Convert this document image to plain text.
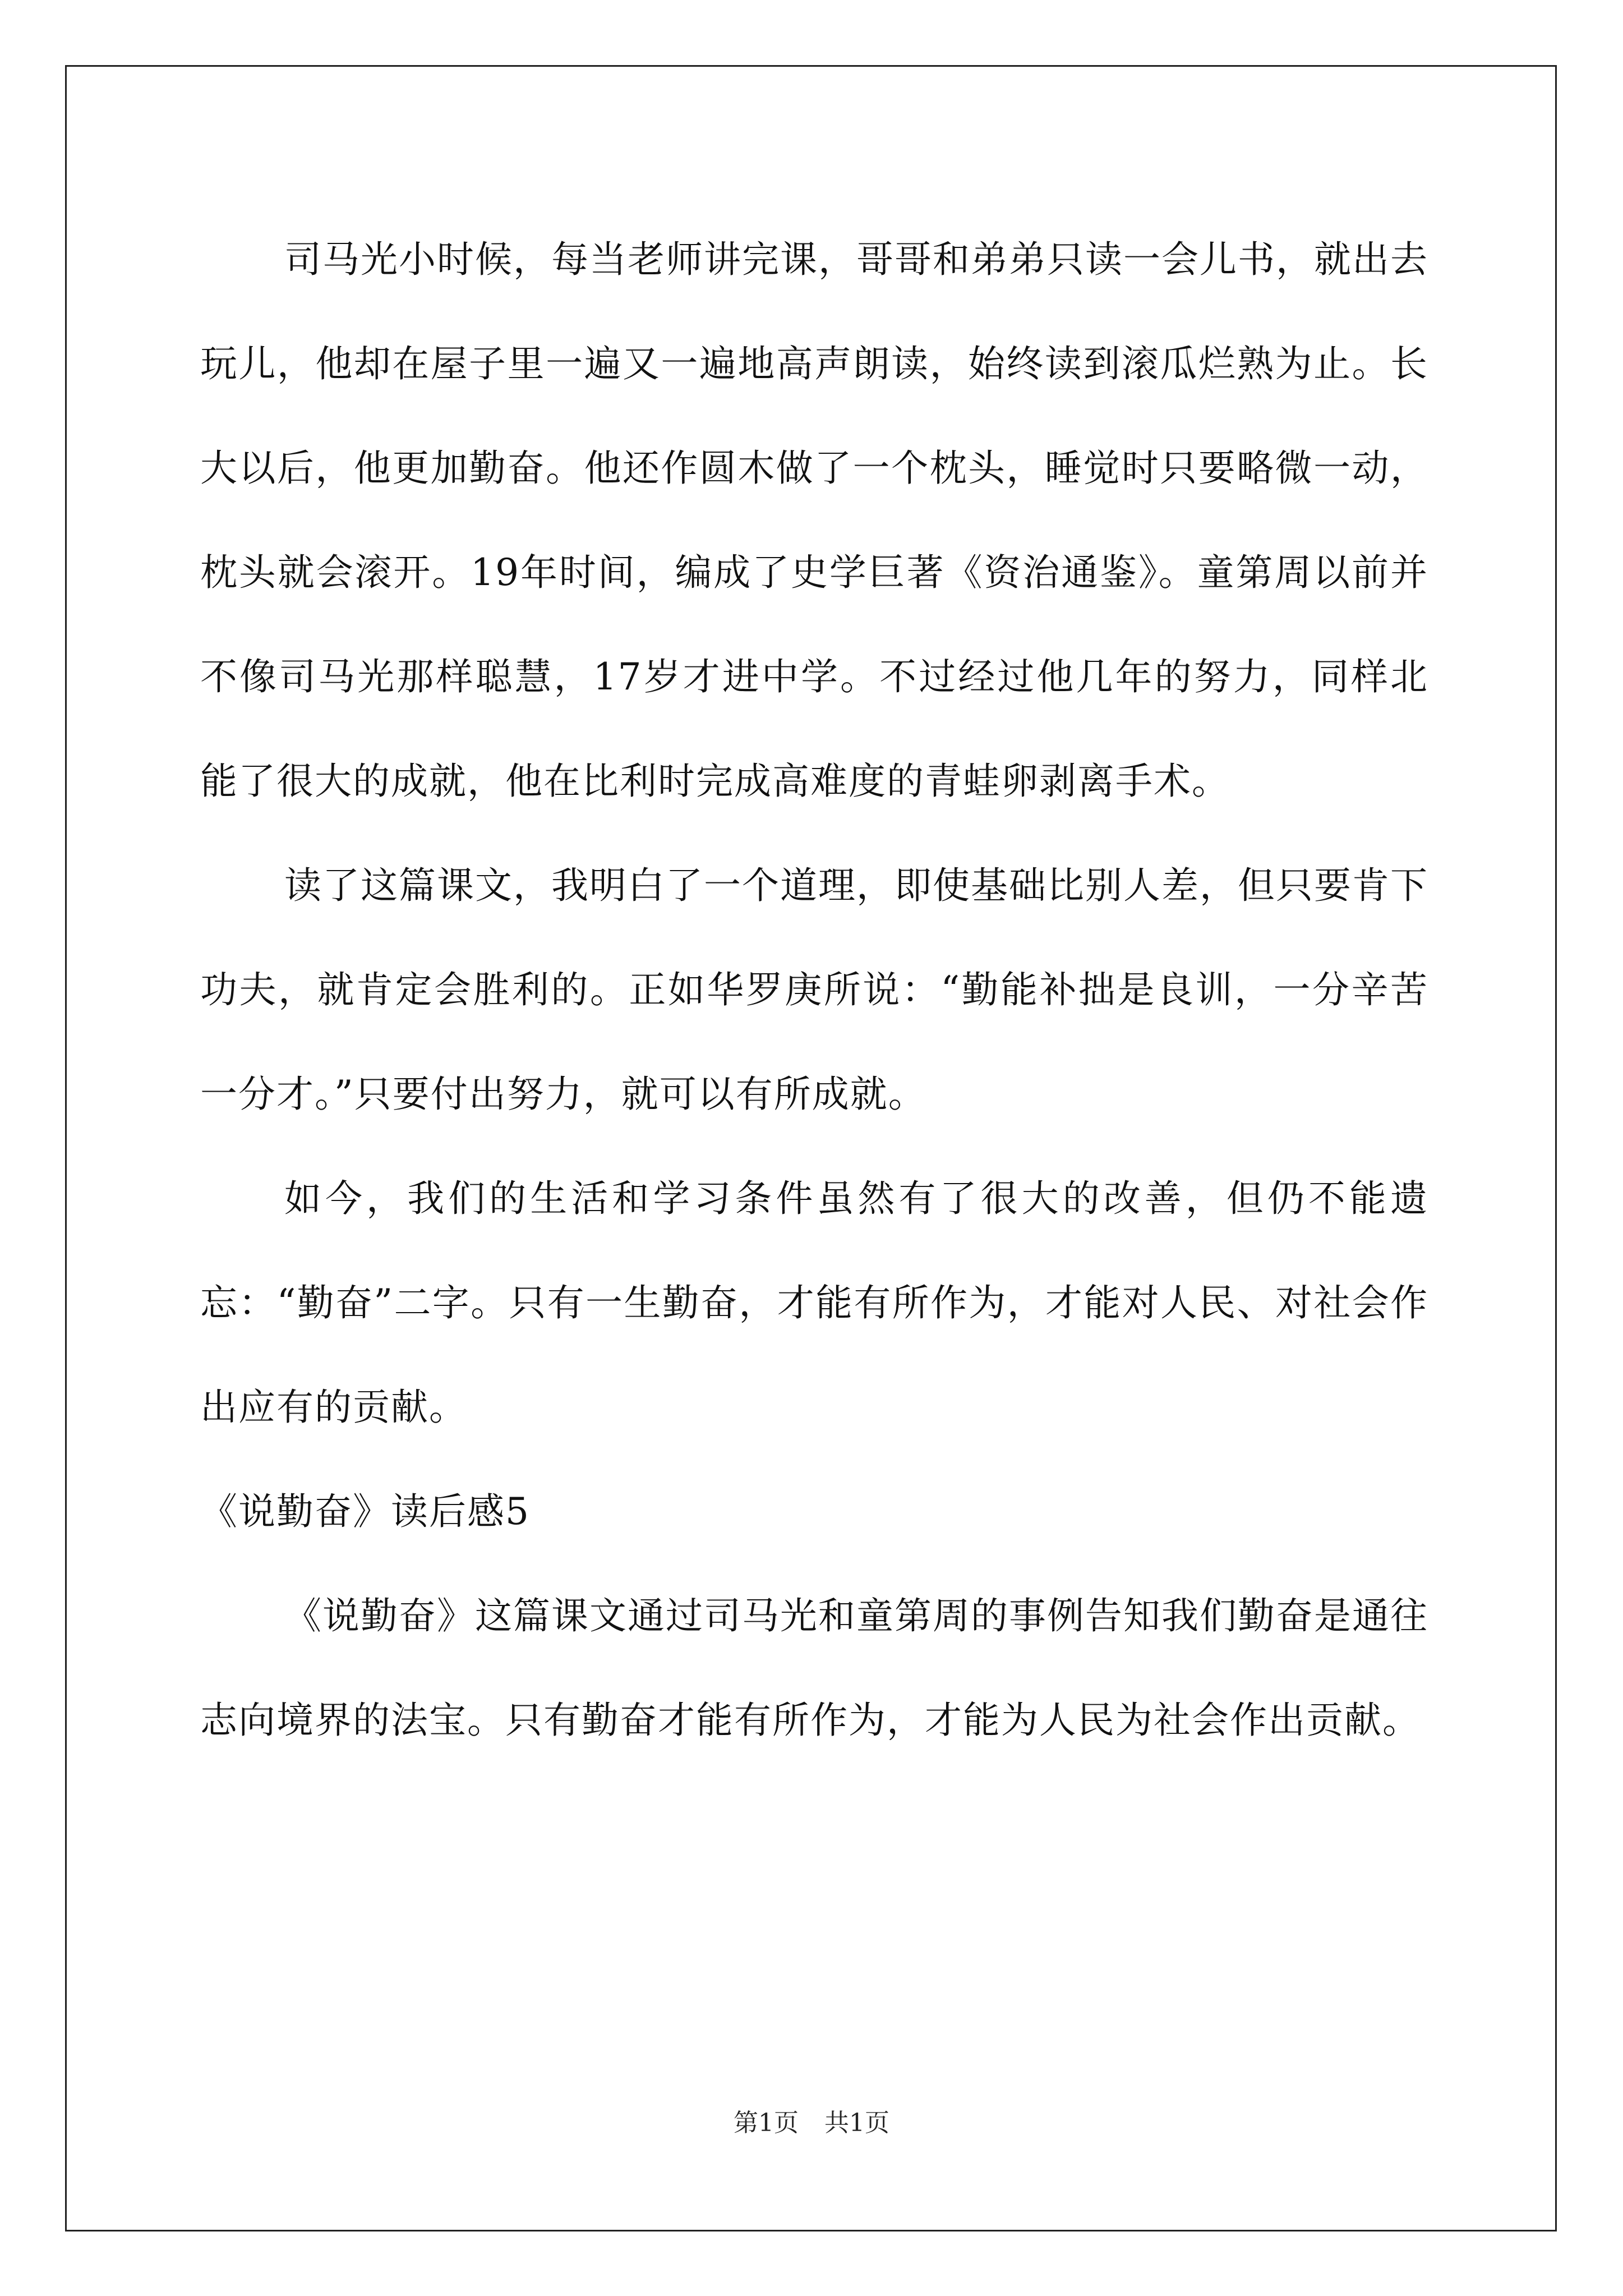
司马光小时候，每当老师讲完课，哥哥和弟弟只读一会儿书，就出去玩儿，他却在屋子里一遍又一遍地高声朗读，始终读到滚瓜烂熟为止。长大以后，他更加勤奋。他还作圆木做了一个枕头，睡觉时只要略微一动，枕头就会滚开。19年时间，编成了史学巨著《资治通鉴》。童第周以前并不像司马光那样聪慧，17岁才进中学。不过经过他几年的努力，同样北能了很大的成就，他在比利时完成高难度的青蛙卵剥离手术。

读了这篇课文，我明白了一个道理，即使基础比别人差，但只要肯下功夫，就肯定会胜利的。正如华罗庚所说：“勤能补拙是良训，一分辛苦一分才。”只要付出努力，就可以有所成就。

如今，我们的生活和学习条件虽然有了很大的改善，但仍不能遗忘：“勤奋”二字。只有一生勤奋，才能有所作为，才能对人民、对社会作出应有的贡献。

《说勤奋》读后感5

《说勤奋》这篇课文通过司马光和童第周的事例告知我们勤奋是通往志向境界的法宝。只有勤奋才能有所作为，才能为人民为社会作出贡献。

第1页 共1页
